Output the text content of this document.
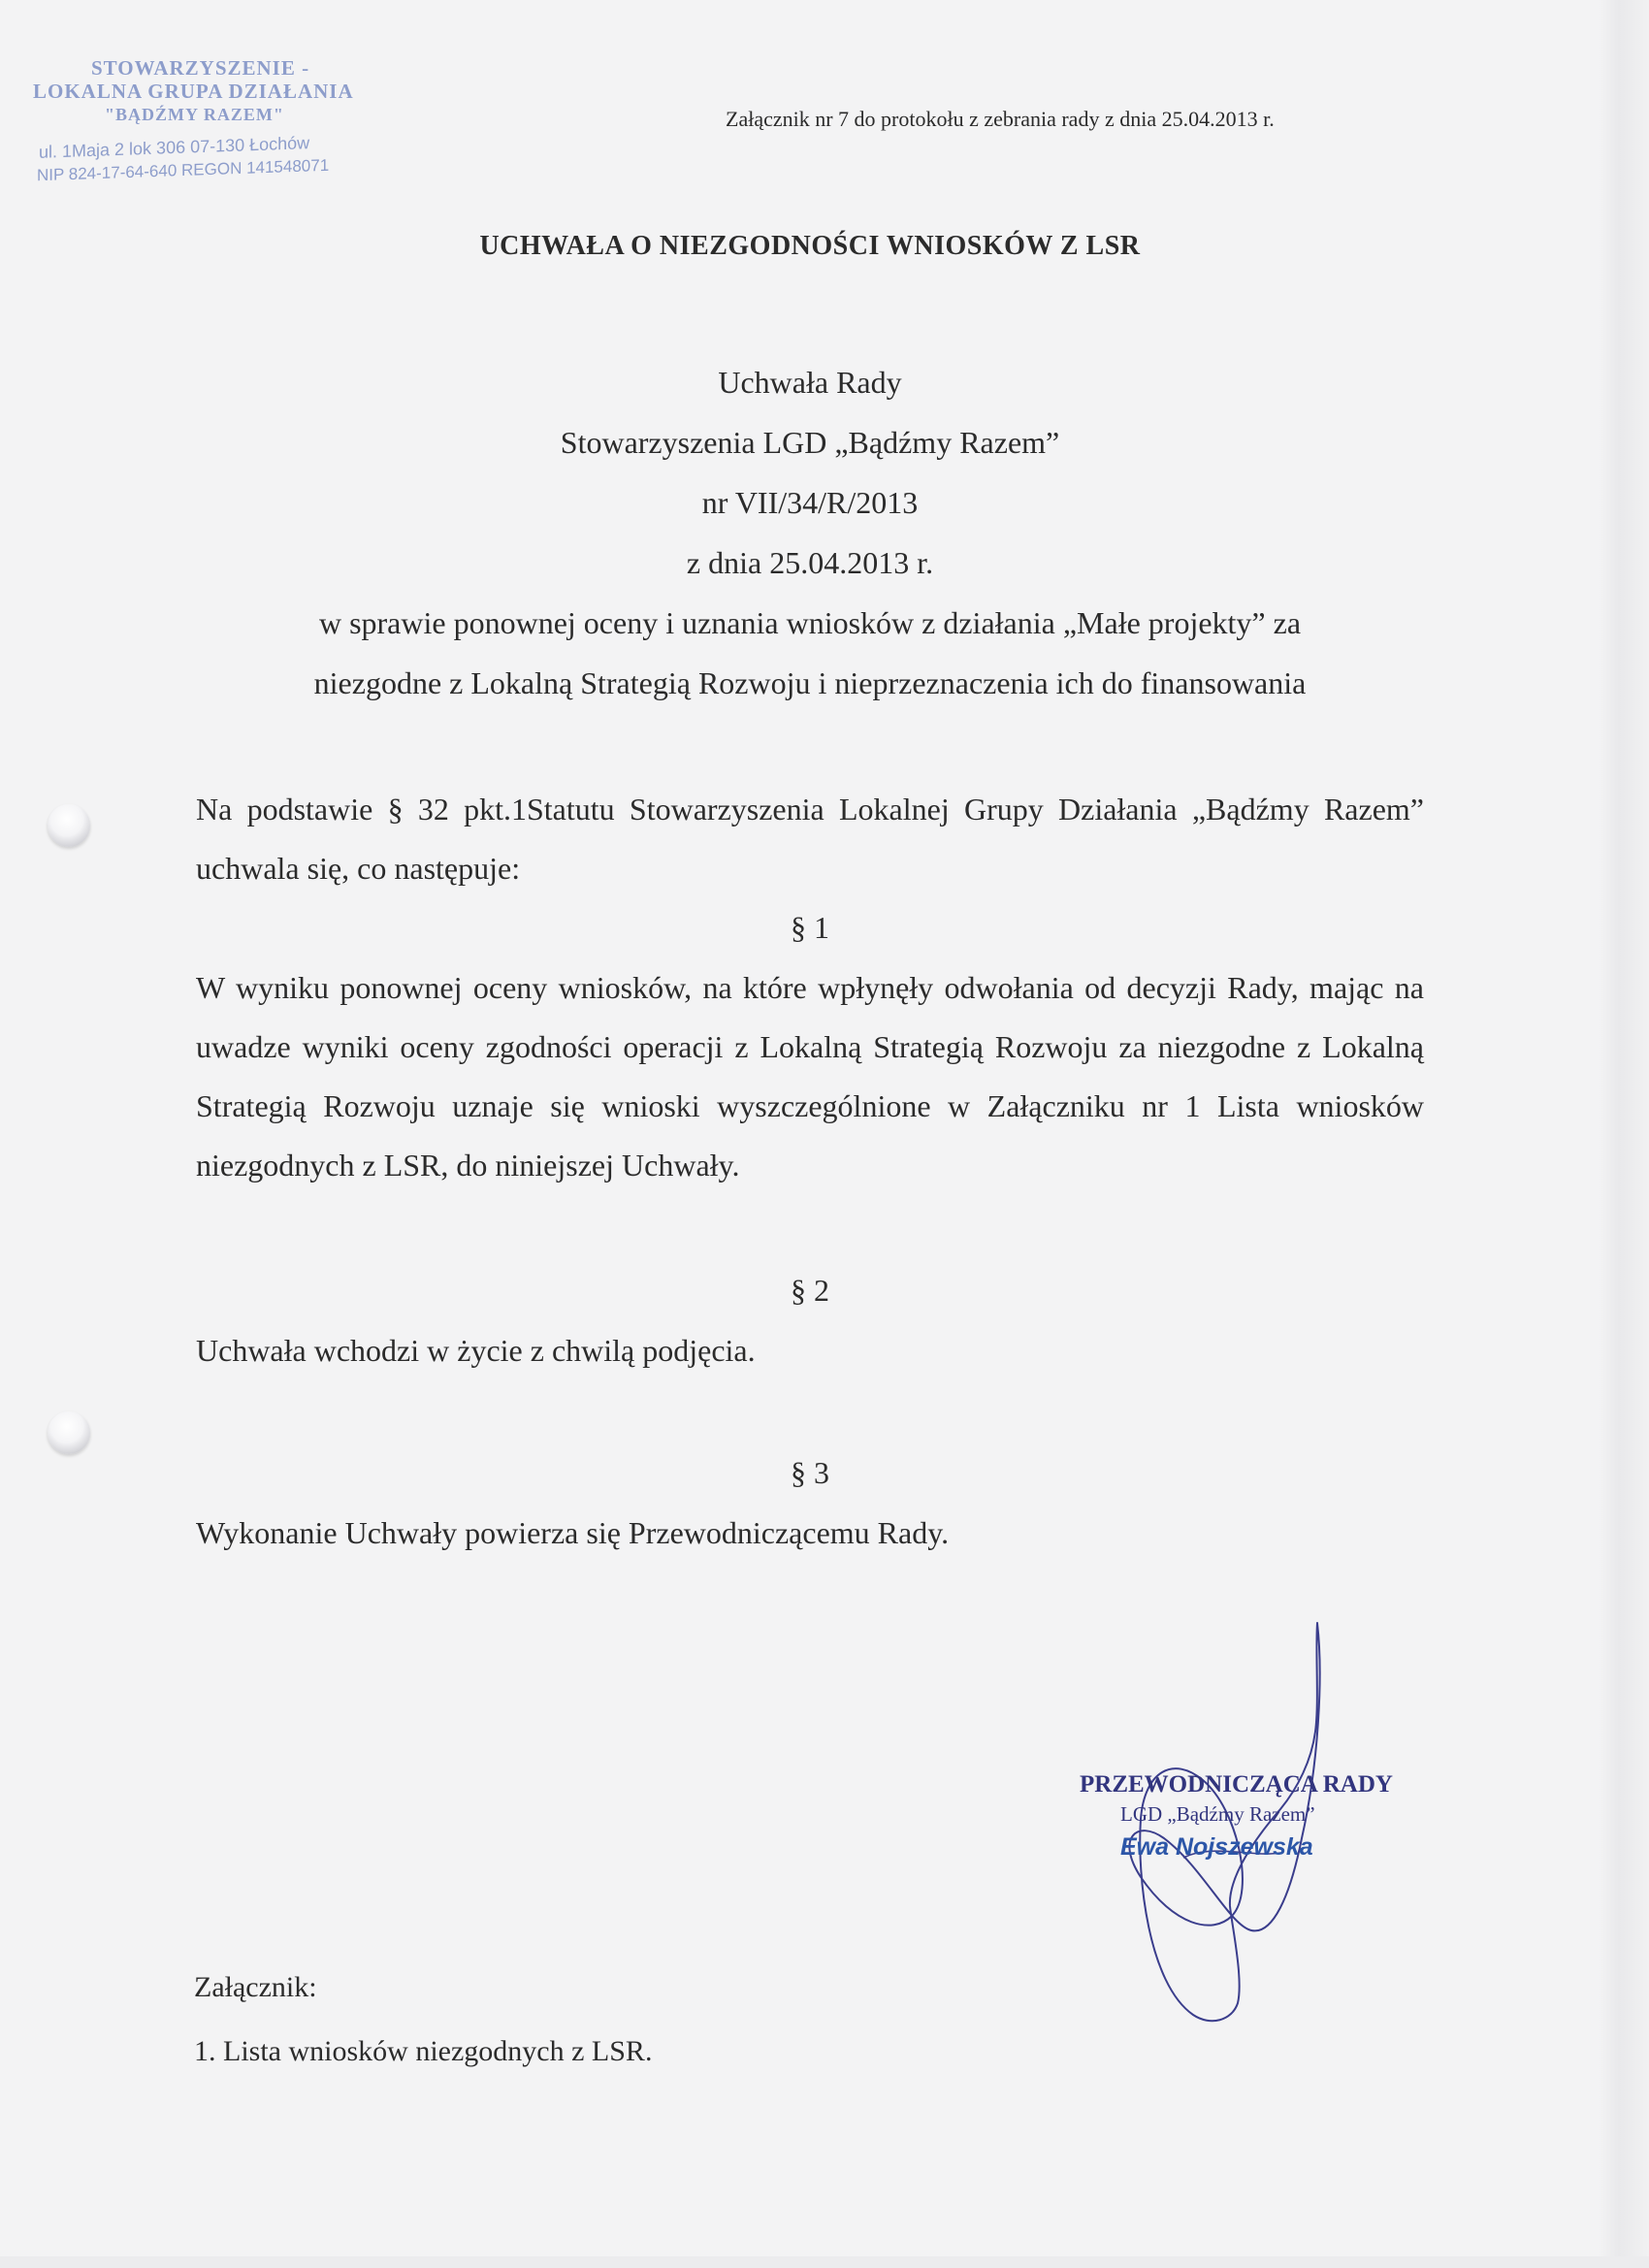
STOWARZYSZENIE -
LOKALNA GRUPA DZIAŁANIA
"BĄDŹMY RAZEM"
ul. 1Maja 2 lok 306 07-130 Łochów
NIP 824-17-64-640 REGON 141548071
Załącznik nr 7 do protokołu z zebrania rady z dnia 25.04.2013 r.
UCHWAŁA O NIEZGODNOŚCI WNIOSKÓW Z LSR
Uchwała Rady
Stowarzyszenia LGD „Bądźmy Razem”
nr VII/34/R/2013
z dnia 25.04.2013 r.
w sprawie ponownej oceny i uznania wniosków z działania „Małe projekty” za
niezgodne z Lokalną Strategią Rozwoju i nieprzeznaczenia ich do finansowania
Na podstawie § 32 pkt.1Statutu Stowarzyszenia Lokalnej Grupy Działania „Bądźmy Razem” uchwala się, co następuje:
§ 1
W wyniku ponownej oceny wniosków, na które wpłynęły odwołania od decyzji Rady, mając na uwadze wyniki oceny zgodności operacji z Lokalną Strategią Rozwoju za niezgodne z Lokalną Strategią Rozwoju uznaje się wnioski wyszczególnione w Załączniku nr 1 Lista wniosków niezgodnych z LSR, do niniejszej Uchwały.
§ 2
Uchwała wchodzi w życie z chwilą podjęcia.
§ 3
Wykonanie Uchwały powierza się Przewodniczącemu Rady.
PRZEWODNICZĄCA RADY
LGD „Bądźmy Razem”
Ewa Nojszewska
Załącznik:
1. Lista wniosków niezgodnych z LSR.
